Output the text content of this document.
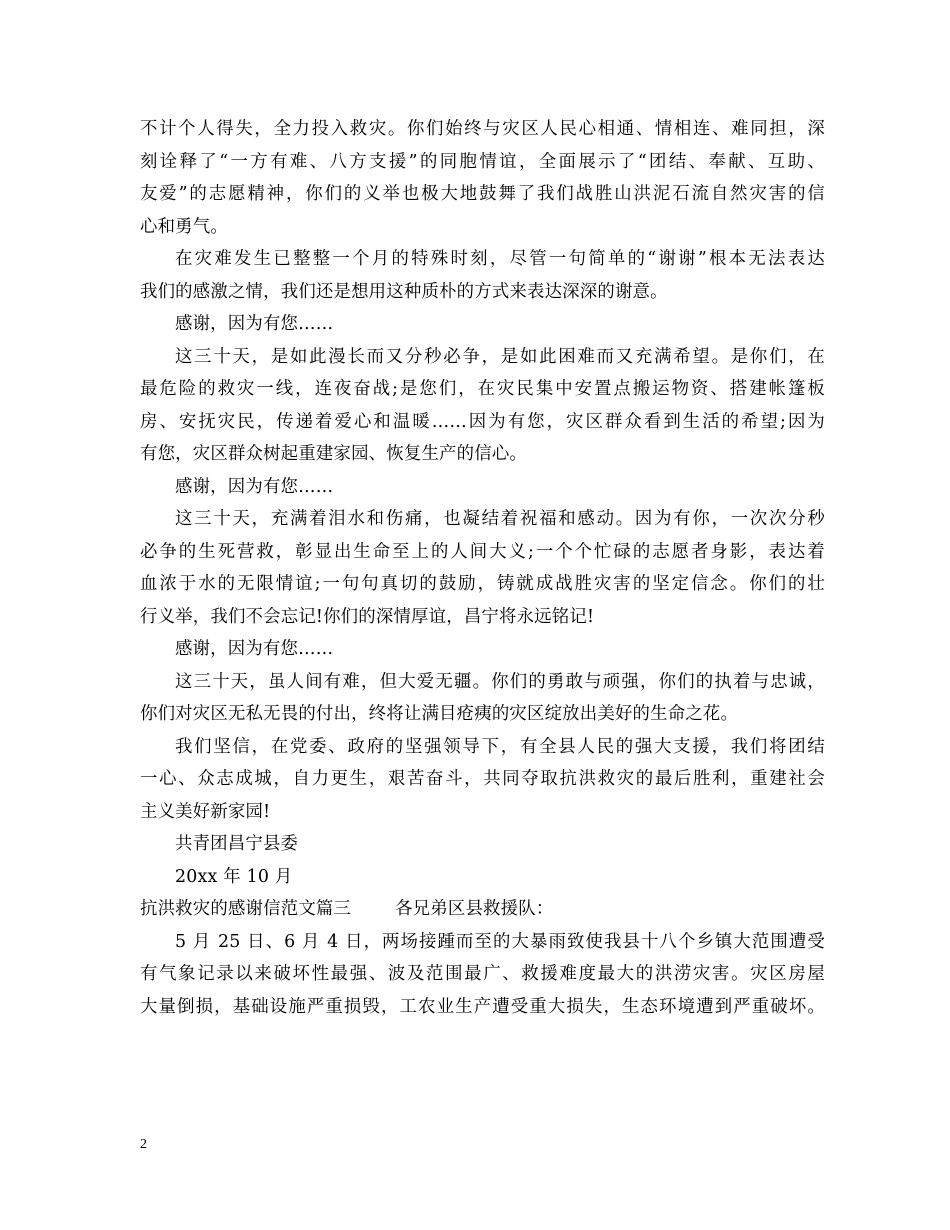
不计个人得失，全力投入救灾。你们始终与灾区人民心相通、情相连、难同担，深
刻诠释了“一方有难、八方支援”的同胞情谊，全面展示了“团结、奉献、互助、
友爱”的志愿精神，你们的义举也极大地鼓舞了我们战胜山洪泥石流自然灾害的信
心和勇气。
在灾难发生已整整一个月的特殊时刻，尽管一句简单的“谢谢”根本无法表达
我们的感激之情，我们还是想用这种质朴的方式来表达深深的谢意。
感谢，因为有您……
这三十天，是如此漫长而又分秒必争，是如此困难而又充满希望。是你们，在
最危险的救灾一线，连夜奋战;是您们，在灾民集中安置点搬运物资、搭建帐篷板
房、安抚灾民，传递着爱心和温暖……因为有您，灾区群众看到生活的希望;因为
有您，灾区群众树起重建家园、恢复生产的信心。
感谢，因为有您……
这三十天，充满着泪水和伤痛，也凝结着祝福和感动。因为有你，一次次分秒
必争的生死营救，彰显出生命至上的人间大义;一个个忙碌的志愿者身影，表达着
血浓于水的无限情谊;一句句真切的鼓励，铸就成战胜灾害的坚定信念。你们的壮
行义举，我们不会忘记!你们的深情厚谊，昌宁将永远铭记!
感谢，因为有您……
这三十天，虽人间有难，但大爱无疆。你们的勇敢与顽强，你们的执着与忠诚，
你们对灾区无私无畏的付出，终将让满目疮痍的灾区绽放出美好的生命之花。
我们坚信，在党委、政府的坚强领导下，有全县人民的强大支援，我们将团结
一心、众志成城，自力更生，艰苦奋斗，共同夺取抗洪救灾的最后胜利，重建社会
主义美好新家园!
共青团昌宁县委
20xx 年 10 月
抗洪救灾的感谢信范文篇三	各兄弟区县救援队：
5 月 25 日、6 月 4 日，两场接踵而至的大暴雨致使我县十八个乡镇大范围遭受
有气象记录以来破坏性最强、波及范围最广、救援难度最大的洪涝灾害。灾区房屋
大量倒损，基础设施严重损毁，工农业生产遭受重大损失，生态环境遭到严重破坏。
2
